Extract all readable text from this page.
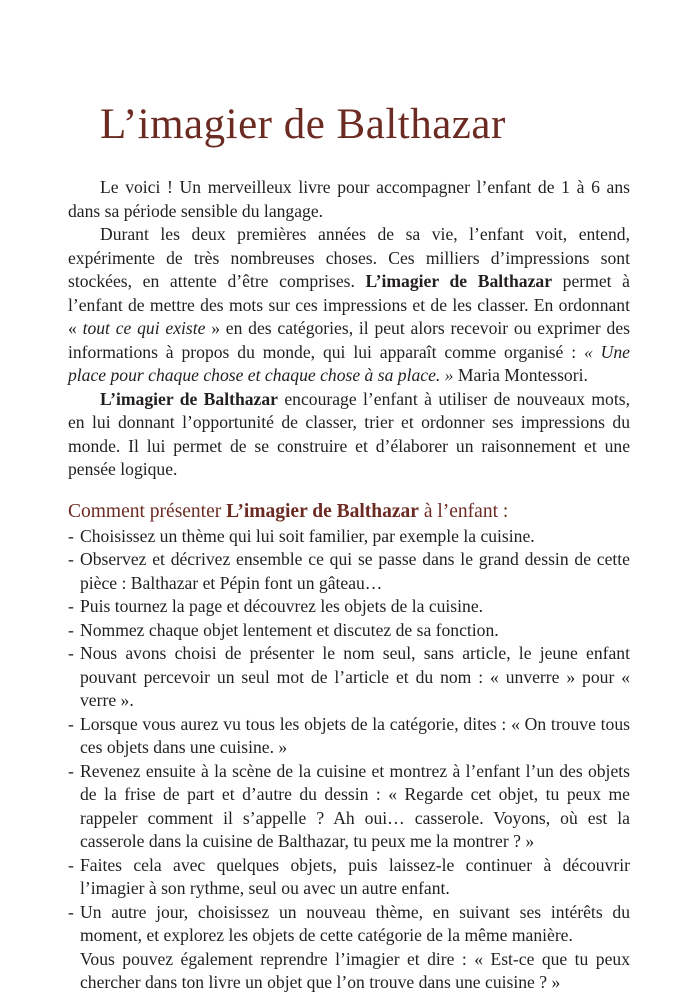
L’imagier de Balthazar

Le voici ! Un merveilleux livre pour accompagner l’enfant de 1 à 6 ans dans sa période sensible du langage.

Durant les deux premières années de sa vie, l’enfant voit, entend, expérimente de très nombreuses choses. Ces milliers d’impressions sont stockées, en attente d’être comprises. L’imagier de Balthazar permet à l’enfant de mettre des mots sur ces impressions et de les classer. En ordonnant « tout ce qui existe » en des catégories, il peut alors recevoir ou exprimer des informations à propos du monde, qui lui apparaît comme organisé : « Une place pour chaque chose et chaque chose à sa place. » Maria Montessori.

L’imagier de Balthazar encourage l’enfant à utiliser de nouveaux mots, en lui donnant l’opportunité de classer, trier et ordonner ses impressions du monde. Il lui permet de se construire et d’élaborer un raisonnement et une pensée logique.

Comment présenter L’imagier de Balthazar à l’enfant :
- Choisissez un thème qui lui soit familier, par exemple la cuisine.
- Observez et décrivez ensemble ce qui se passe dans le grand dessin de cette pièce : Balthazar et Pépin font un gâteau…
- Puis tournez la page et découvrez les objets de la cuisine.
- Nommez chaque objet lentement et discutez de sa fonction.
- Nous avons choisi de présenter le nom seul, sans article, le jeune enfant pouvant percevoir un seul mot de l’article et du nom : « unverre » pour « verre ».
- Lorsque vous aurez vu tous les objets de la catégorie, dites : « On trouve tous ces objets dans une cuisine. »
- Revenez ensuite à la scène de la cuisine et montrez à l’enfant l’un des objets de la frise de part et d’autre du dessin : « Regarde cet objet, tu peux me rappeler comment il s’appelle ? Ah oui… casserole. Voyons, où est la casserole dans la cuisine de Balthazar, tu peux me la montrer ? »
- Faites cela avec quelques objets, puis laissez-le continuer à découvrir l’imagier à son rythme, seul ou avec un autre enfant.
- Un autre jour, choisissez un nouveau thème, en suivant ses intérêts du moment, et explorez les objets de cette catégorie de la même manière.
Vous pouvez également reprendre l’imagier et dire : « Est-ce que tu peux chercher dans ton livre un objet que l’on trouve dans une cuisine ? »
